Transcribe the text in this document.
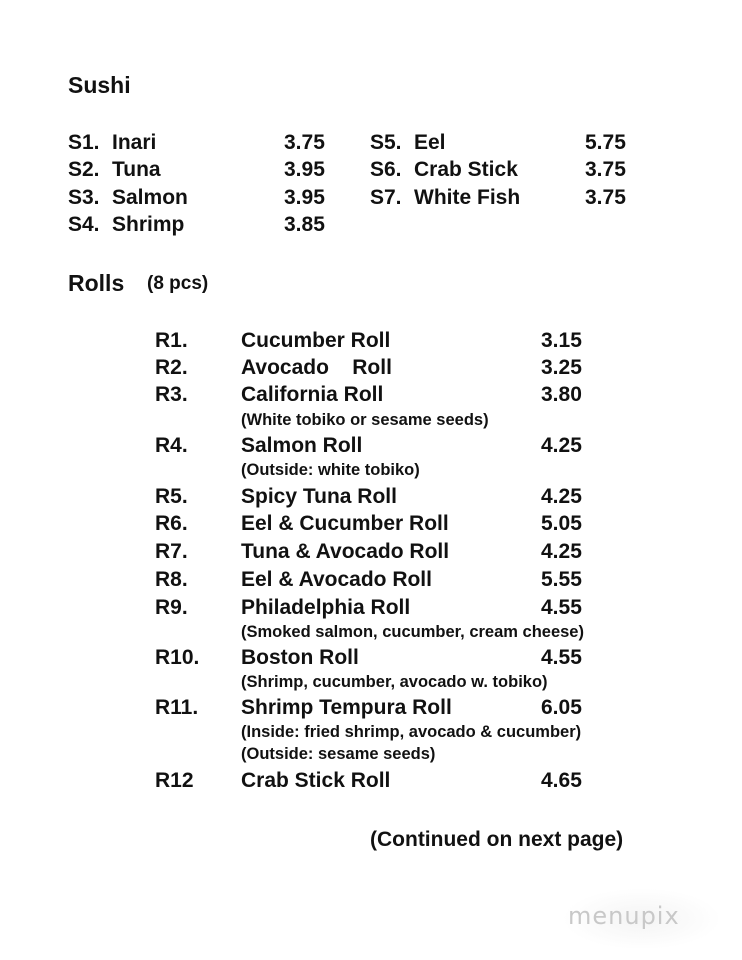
Sushi
S1. Inari	3.75
S2. Tuna	3.95
S3. Salmon	3.95
S4. Shrimp	3.85
S5. Eel	5.75
S6. Crab Stick	3.75
S7. White Fish	3.75
Rolls (8 pcs)
R1.	Cucumber Roll	3.15
R2.	Avocado    Roll	3.25
R3.	California Roll	3.80
(White tobiko or sesame seeds)
R4.	Salmon Roll	4.25
(Outside: white tobiko)
R5.	Spicy Tuna Roll	4.25
R6.	Eel & Cucumber Roll	5.05
R7.	Tuna & Avocado Roll	4.25
R8.	Eel & Avocado Roll	5.55
R9.	Philadelphia Roll	4.55
(Smoked salmon, cucumber, cream cheese)
R10. Boston Roll	4.55
(Shrimp, cucumber, avocado w. tobiko)
R11. Shrimp Tempura Roll	6.05
(Inside: fried shrimp, avocado & cucumber)
(Outside: sesame seeds)
R12 Crab Stick Roll	4.65
(Continued on next page)
menupix
